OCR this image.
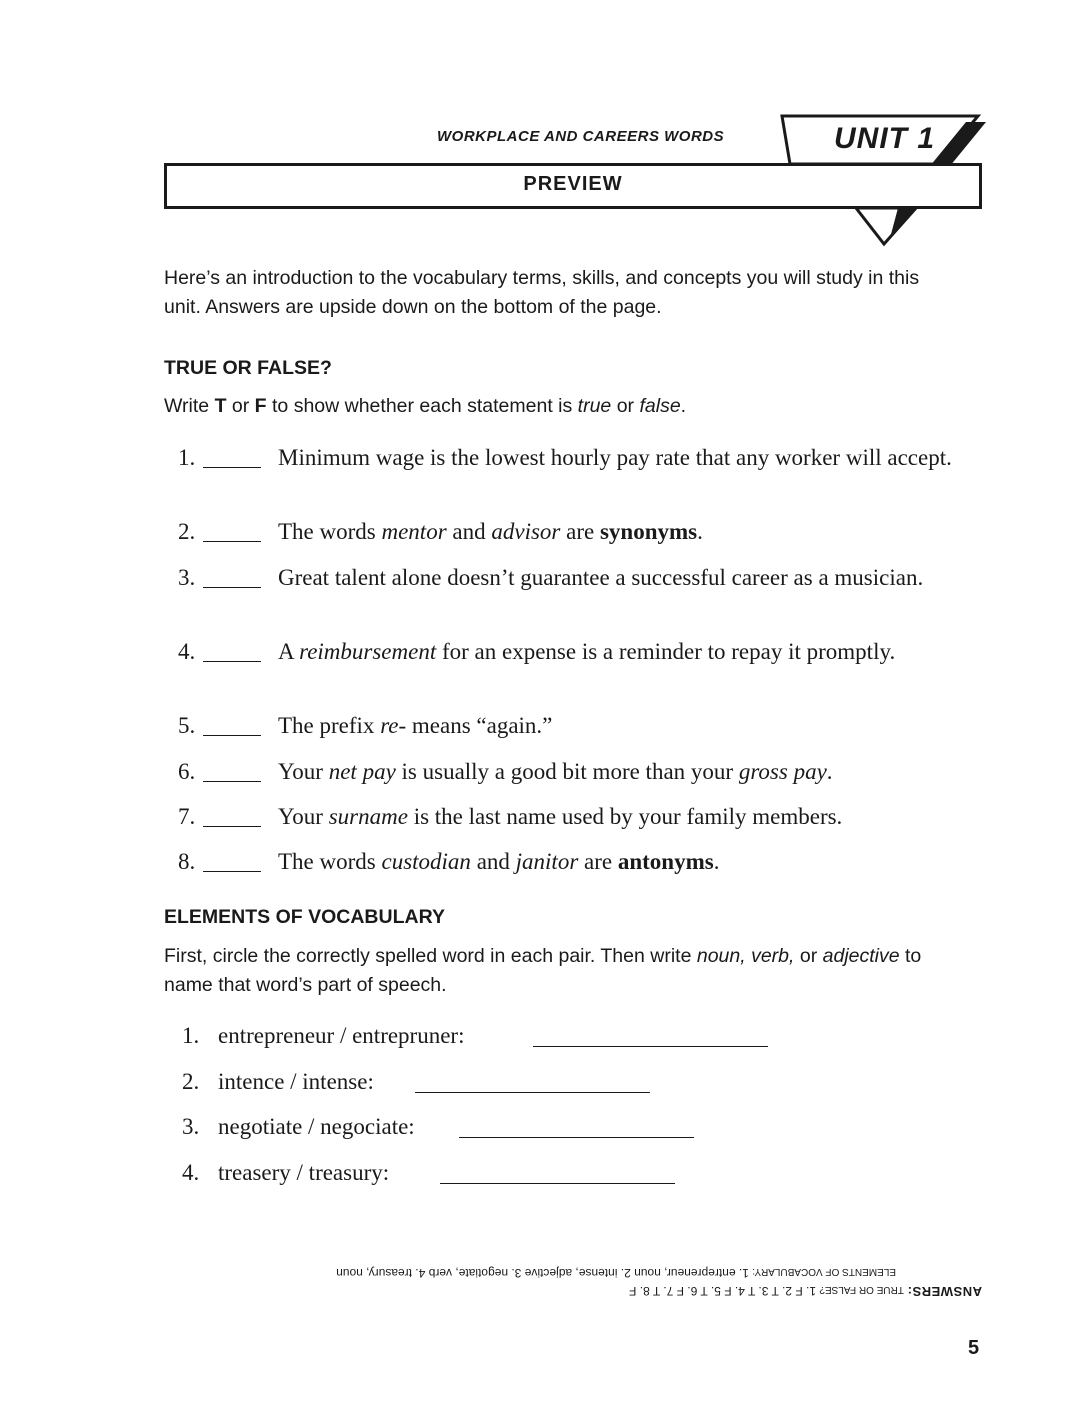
WORKPLACE AND CAREERS WORDS	UNIT 1
PREVIEW
Here’s an introduction to the vocabulary terms, skills, and concepts you will study in this unit. Answers are upside down on the bottom of the page.
TRUE OR FALSE?
Write T or F to show whether each statement is true or false.
1.	Minimum wage is the lowest hourly pay rate that any worker will accept.
2.	The words mentor and advisor are synonyms.
3.	Great talent alone doesn’t guarantee a successful career as a musician.
4.	A reimbursement for an expense is a reminder to repay it promptly.
5.	The prefix re- means “again.”
6.	Your net pay is usually a good bit more than your gross pay.
7.	Your surname is the last name used by your family members.
8.	The words custodian and janitor are antonyms.
ELEMENTS OF VOCABULARY
First, circle the correctly spelled word in each pair. Then write noun, verb, or adjective to name that word’s part of speech.
1. entrepreneur / entrepruner:
2. intence / intense:
3. negotiate / negociate:
4. treasery / treasury:
ANSWERS: TRUE OR FALSE? 1. F 2. T 3. T 4. F 5. T 6. F 7. T 8. F
ELEMENTS OF VOCABULARY: 1. entrepreneur, noun 2. intense, adjective 3. negotiate, verb 4. treasury, noun
5
